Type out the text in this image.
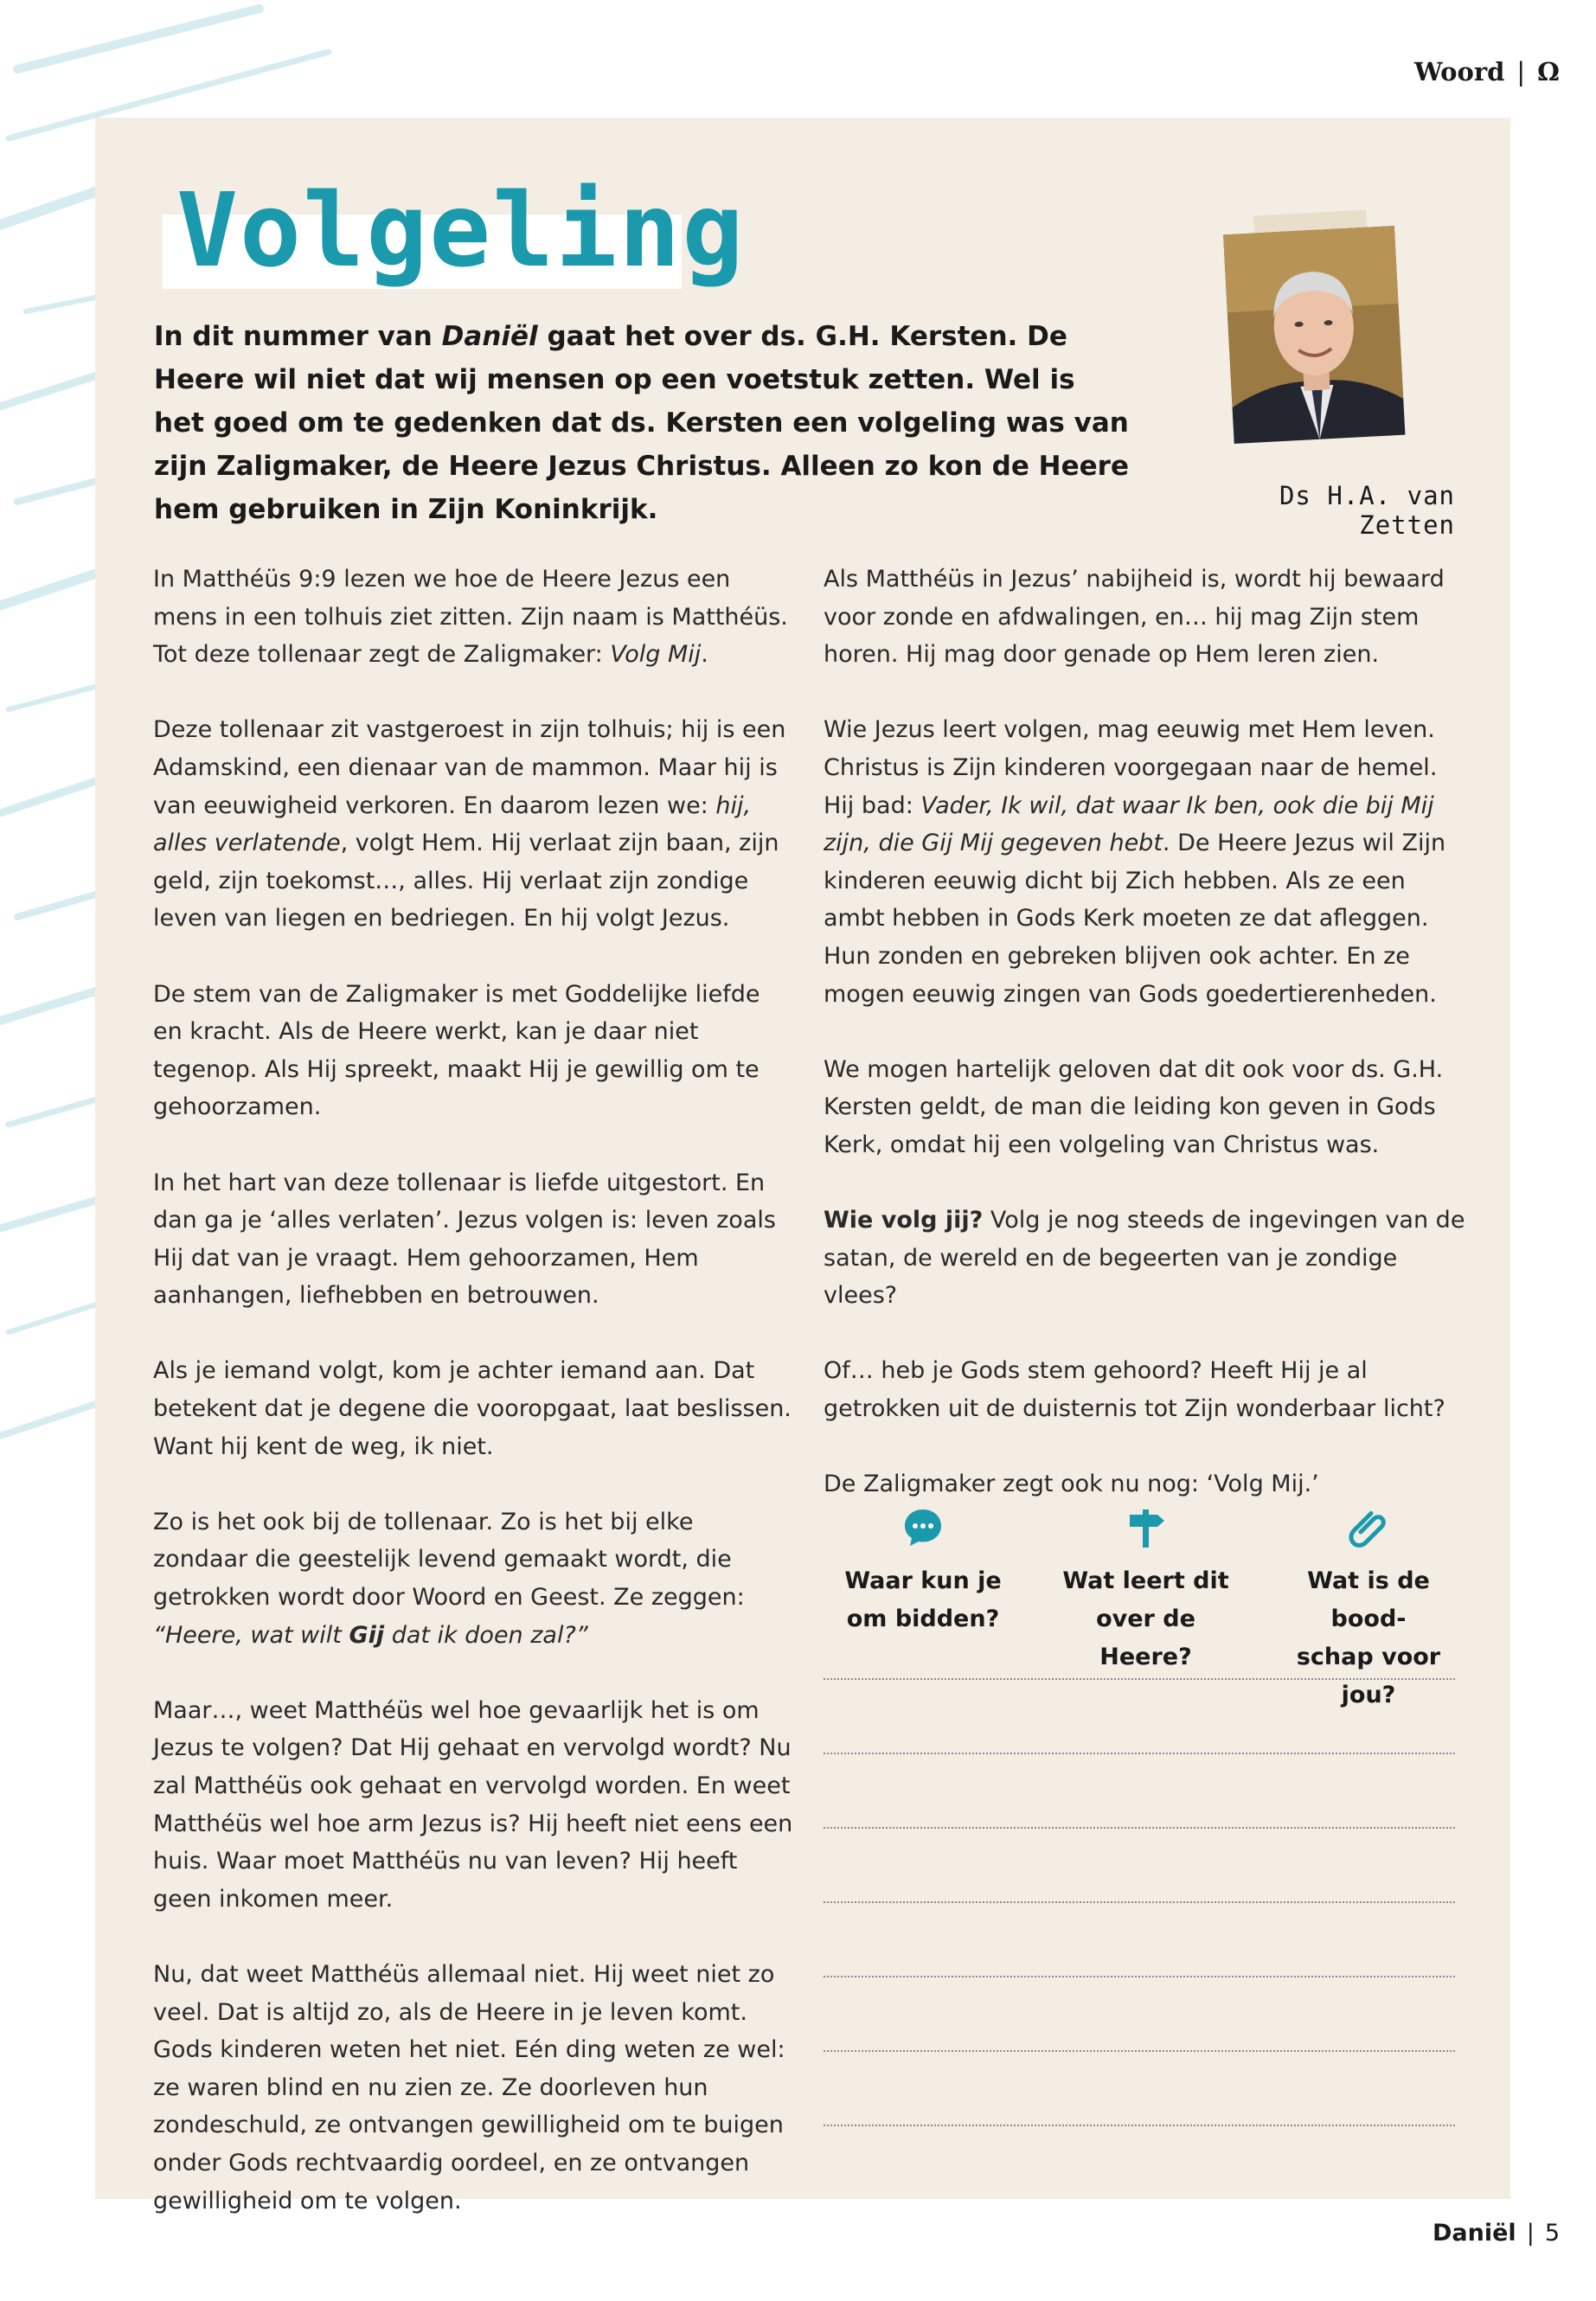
Woord | Ω
Volgeling
In dit nummer van Daniël gaat het over ds. G.H. Kersten. De Heere wil niet dat wij mensen op een voetstuk zetten. Wel is het goed om te gedenken dat ds. Kersten een volgeling was van zijn Zaligmaker, de Heere Jezus Christus. Alleen zo kon de Heere hem gebruiken in Zijn Koninkrijk.	Ds H.A. van Zetten

In Matthéüs 9:9 lezen we hoe de Heere Jezus een mens in een tolhuis ziet zitten. Zijn naam is Matthéüs. Tot deze tollenaar zegt de Zaligmaker: Volg Mij.

Deze tollenaar zit vastgeroest in zijn tolhuis; hij is een Adamskind, een dienaar van de mammon. Maar hij is van eeuwigheid verkoren. En daarom lezen we: hij, alles verlatende, volgt Hem. Hij verlaat zijn baan, zijn geld, zijn toekomst…, alles. Hij verlaat zijn zondige leven van liegen en bedriegen. En hij volgt Jezus.

De stem van de Zaligmaker is met Goddelijke liefde en kracht. Als de Heere werkt, kan je daar niet tegenop. Als Hij spreekt, maakt Hij je gewillig om te gehoorzamen.

In het hart van deze tollenaar is liefde uitgestort. En dan ga je ‘alles verlaten’. Jezus volgen is: leven zoals Hij dat van je vraagt. Hem gehoorzamen, Hem aanhangen, liefhebben en betrouwen.

Als je iemand volgt, kom je achter iemand aan. Dat betekent dat je degene die vooropgaat, laat beslissen. Want hij kent de weg, ik niet.

Zo is het ook bij de tollenaar. Zo is het bij elke zondaar die geestelijk levend gemaakt wordt, die getrokken wordt door Woord en Geest. Ze zeggen: “Heere, wat wilt Gij dat ik doen zal?”

Maar…, weet Matthéüs wel hoe gevaarlijk het is om Jezus te volgen? Dat Hij gehaat en vervolgd wordt? Nu zal Matthéüs ook gehaat en vervolgd worden. En weet Matthéüs wel hoe arm Jezus is? Hij heeft niet eens een huis. Waar moet Matthéüs nu van leven? Hij heeft geen inkomen meer.

Nu, dat weet Matthéüs allemaal niet. Hij weet niet zo veel. Dat is altijd zo, als de Heere in je leven komt. Gods kinderen weten het niet. Eén ding weten ze wel: ze waren blind en nu zien ze. Ze doorleven hun zondeschuld, ze ontvangen gewilligheid om te buigen onder Gods rechtvaardig oordeel, en ze ontvangen gewilligheid om te volgen.

Als Matthéüs in Jezus’ nabijheid is, wordt hij bewaard voor zonde en afdwalingen, en… hij mag Zijn stem horen. Hij mag door genade op Hem leren zien.

Wie Jezus leert volgen, mag eeuwig met Hem leven. Christus is Zijn kinderen voorgegaan naar de hemel. Hij bad: Vader, Ik wil, dat waar Ik ben, ook die bij Mij zijn, die Gij Mij gegeven hebt. De Heere Jezus wil Zijn kinderen eeuwig dicht bij Zich hebben. Als ze een ambt hebben in Gods Kerk moeten ze dat afleggen. Hun zonden en gebreken blijven ook achter. En ze mogen eeuwig zingen van Gods goedertierenheden.

We mogen hartelijk geloven dat dit ook voor ds. G.H. Kersten geldt, de man die leiding kon geven in Gods Kerk, omdat hij een volgeling van Christus was.

Wie volg jij? Volg je nog steeds de ingevingen van de satan, de wereld en de begeerten van je zondige vlees?

Of… heb je Gods stem gehoord? Heeft Hij je al getrokken uit de duisternis tot Zijn wonderbaar licht?

De Zaligmaker zegt ook nu nog: ‘Volg Mij.’

Waar kun je
om bidden?
Wat leert dit
over de Heere?
Wat is de bood-
schap voor jou?
Daniël | 5
